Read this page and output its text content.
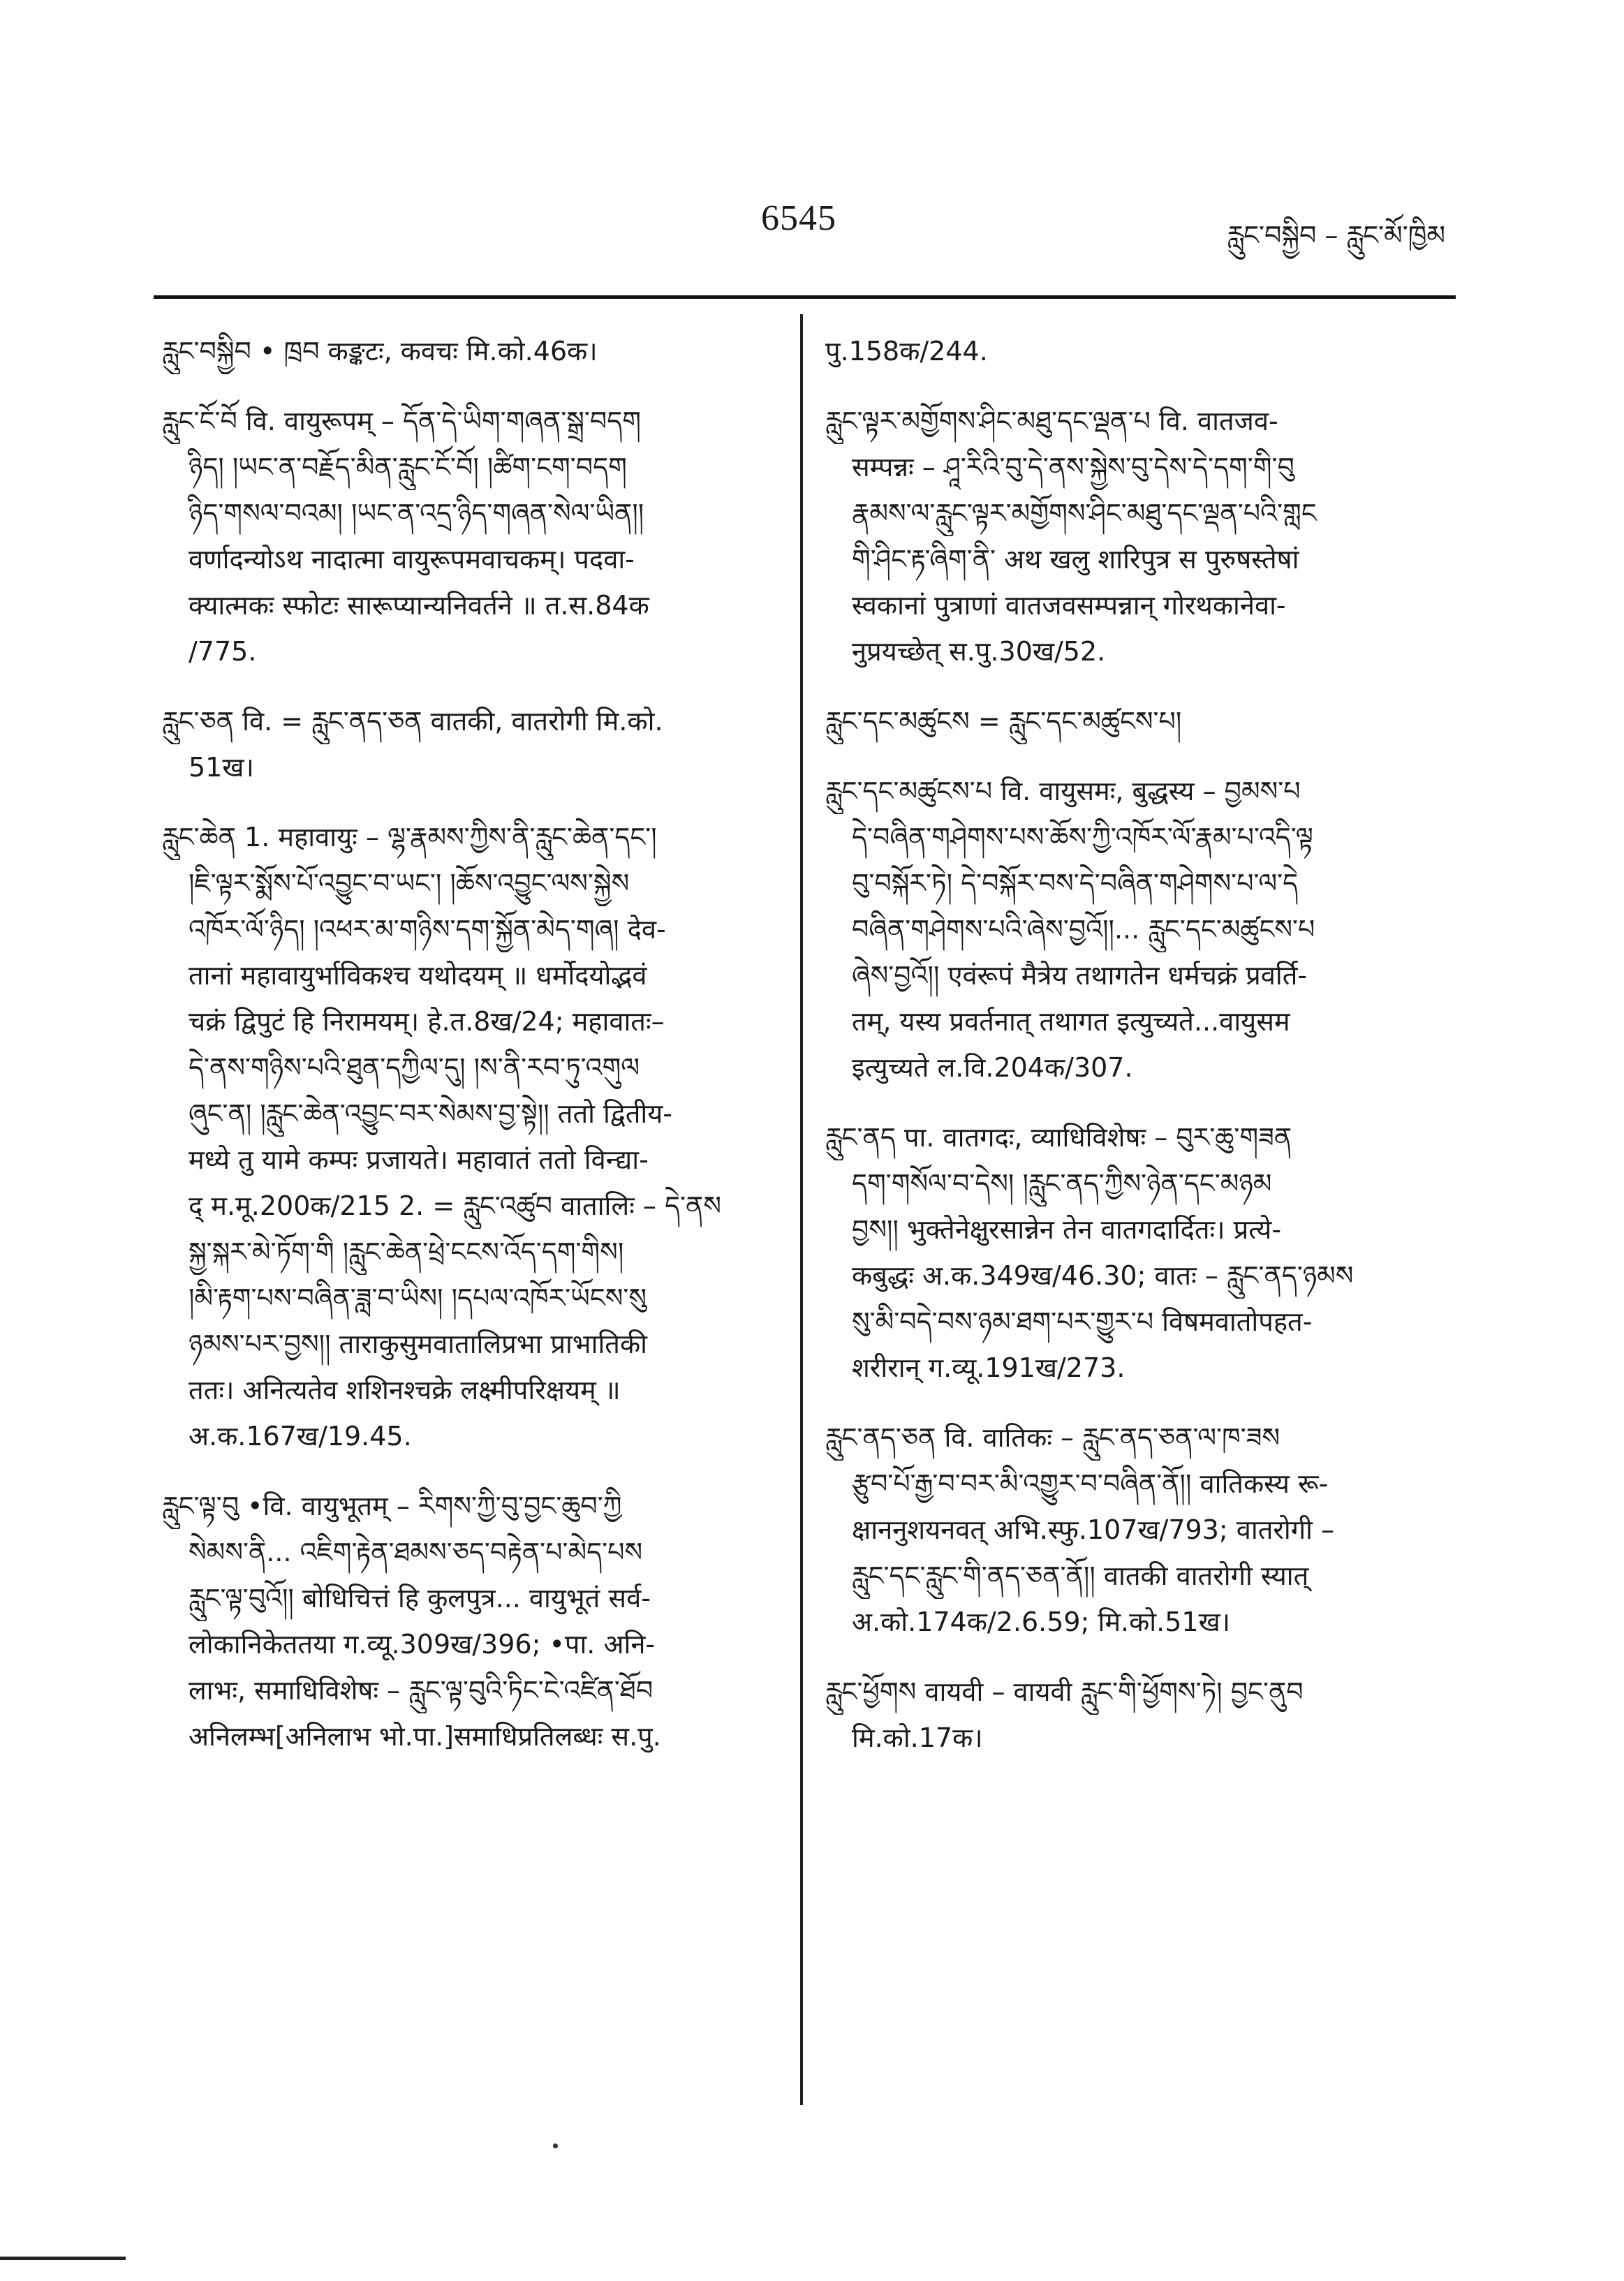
6545	རླུང་བསྐྱིབ – རླུང་མོ་ཁྱིམ
རླུང་བསྐྱིབ • ཁྲབ कङ्कटः, कवचः मि.को.46क।
རླུང་ངོ་བོ वि. वायुरूपम् – དོན་དེ་ཡིག་གཞན་སྒྲ་བདག
ཉིད། །ཡང་ན་བརྗོད་མིན་རླུང་ངོ་བོ། །ཚིག་ངག་བདག
ཉིད་གསལ་བའམ། །ཡང་ན་འདྲ་ཉིད་གཞན་སེལ་ཡིན།།
वर्णादन्योऽथ नादात्मा वायुरूपमवाचकम्। पदवा-
क्यात्मकः स्फोटः सारूप्यान्यनिवर्तने ॥ त.स.84क
/775.
རླུང་ཅན वि. = རླུང་ནད་ཅན वातकी, वातरोगी मि.को.
51ख।
རླུང་ཆེན 1. महावायुः – ལྷ་རྣམས་ཀྱིས་ནི་རླུང་ཆེན་དང་།
།ཇི་ལྟར་སྨོས་པོ་འབྱུང་བ་ཡང་། །ཆོས་འབྱུང་ལས་སྐྱེས
འཁོར་ལོ་ཉིད། །འཕར་མ་གཉིས་དག་སྐྱོན་མེད་གཞ། देव-
तानां महावायुर्भाविकश्च यथोदयम् ॥ धर्मोदयोद्भवं
चक्रं द्विपुटं हि निरामयम्। हे.त.8ख/24; महावातः–
དེ་ནས་གཉིས་པའི་ཐུན་དཀྱིལ་དུ། །ས་ནི་རབ་ཏུ་འགུལ
ཞུང་ན། །རླུང་ཆེན་འབྱུང་བར་སེམས་བྱ་སྟེ།། ततो द्वितीय-
मध्ये तु यामे कम्पः प्रजायते। महावातं ततो विन्द्या-
द् म.मू.200क/215 2. = རླུང་འཚུབ वातालिः – དེ་ནས
སྐྱ་སྐར་མེ་ཏོག་གི །རླུང་ཆེན་ཕྲེ་ངངས་འོད་དག་གིས།
།མི་རྟག་པས་བཞིན་ཟླ་བ་ཡིས། །དཔལ་འཁོར་ཡོངས་སུ
ཉམས་པར་བྱས།། ताराकुसुमवातालिप्रभा प्राभातिकी
ततः। अनित्यतेव शशिनश्चक्रे लक्ष्मीपरिक्षयम् ॥
अ.क.167ख/19.45.
རླུང་ལྟ་བུ •वि. वायुभूतम् – རིགས་ཀྱི་བུ་བྱང་ཆུབ་ཀྱི
སེམས་ནི... འཇིག་རྟེན་ཐམས་ཅད་བརྟེན་པ་མེད་པས
རླུང་ལྟ་བུའོ།། बोधिचित्तं हि कुलपुत्र... वायुभूतं सर्व-
लोकानिकेततया ग.व्यू.309ख/396; •पा. अनि-
लाभः, समाधिविशेषः – རླུང་ལྟ་བུའི་ཏིང་ངེ་འཛིན་ཐོབ
अनिलम्भ[अनिलाभ भो.पा.]समाधिप्रतिलब्धः स.पु.
पु.158क/244.
རླུང་ལྟར་མགྱོགས་ཤིང་མཐུ་དང་ལྡན་པ वि. वातजव-
सम्पन्नः – ཤཱ་རིའི་བུ་དེ་ནས་སྐྱེས་བུ་དེས་དེ་དག་གི་བུ
རྣམས་ལ་རླུང་ལྟར་མགྱོགས་ཤིང་མཐུ་དང་ལྡན་པའི་གླང
གི་ཤིང་རྟ་ཞིག་ནི་ अथ खलु शारिपुत्र स पुरुषस्तेषां
स्वकानां पुत्राणां वातजवसम्पन्नान् गोरथकानेवा-
नुप्रयच्छेत् स.पु.30ख/52.
རླུང་དང་མཚུངས = རླུང་དང་མཚུངས་པ།
རླུང་དང་མཚུངས་པ वि. वायुसमः, बुद्धस्य – བྱམས་པ
དེ་བཞིན་གཤེགས་པས་ཆོས་ཀྱི་འཁོར་ལོ་རྣམ་པ་འདི་ལྟ
བུ་བསྐོར་ཏེ། དེ་བསྐོར་བས་དེ་བཞིན་གཤེགས་པ་ལ་དེ
བཞིན་གཤེགས་པའི་ཞེས་བྱའོ།།... རླུང་དང་མཚུངས་པ
ཞེས་བྱའོ།། एवंरूपं मैत्रेय तथागतेन धर्मचक्रं प्रवर्ति-
तम्, यस्य प्रवर्तनात् तथागत इत्युच्यते...वायुसम
इत्युच्यते ल.वि.204क/307.
རླུང་ནད पा. वातगदः, व्याधिविशेषः – བུར་ཆུ་གཟན
དག་གསོལ་བ་དེས། །རླུང་ནད་ཀྱིས་ཉེན་དང་མཉམ
བྱས།། भुक्तेनेक्षुरसान्नेन तेन वातगदार्दितः। प्रत्ये-
कबुद्धः अ.क.349ख/46.30; वातः – རླུང་ནད་ཉམས
སུ་མི་བདེ་བས་ཉམ་ཐག་པར་གྱུར་པ विषमवातोपहत-
शरीरान् ग.व्यू.191ख/273.
རླུང་ནད་ཅན वि. वातिकः – རླུང་ནད་ཅན་ལ་ཁ་ཟས
རྩུབ་པོ་རྒྱ་བ་བར་མི་འགྱུར་བ་བཞིན་ནོ།། वातिकस्य रू-
क्षाननुशयनवत् अभि.स्फु.107ख/793; वातरोगी –
རླུང་དང་རླུང་གི་ནད་ཅན་ནོ།། वातकी वातरोगी स्यात्
अ.को.174क/2.6.59; मि.को.51ख।
རླུང་ཕྱོགས वायवी – वायवी རླུང་གི་ཕྱོགས་ཏེ། བྱང་ནུབ
मि.को.17क।
